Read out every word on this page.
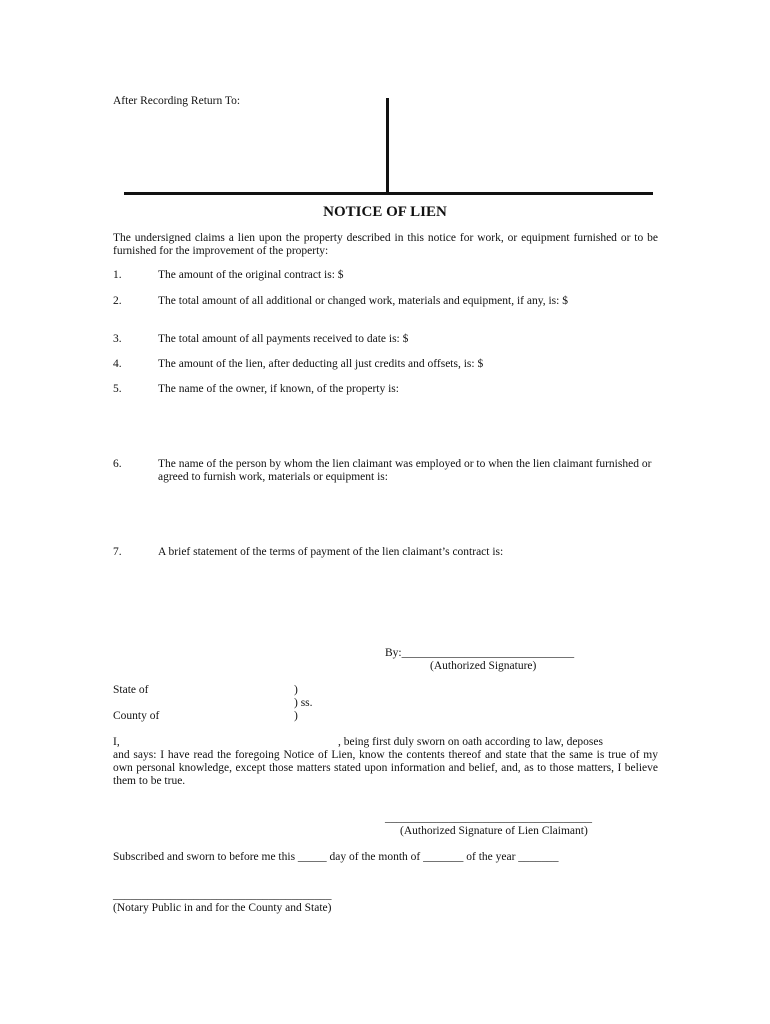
After Recording Return To:
NOTICE OF LIEN
The undersigned claims a lien upon the property described in this notice for work, or equipment furnished or to be furnished for the improvement of the property:
1.	The amount of the original contract is: $
2.	The total amount of all additional or changed work, materials and equipment, if any, is: $
3.	The total amount of all payments received to date is: $
4.	The amount of the lien, after deducting all just credits and offsets, is: $
5.	The name of the owner, if known, of the property is:
6.	The name of the person by whom the lien claimant was employed or to when the lien claimant furnished or agreed to furnish work, materials or equipment is:
7.	A brief statement of the terms of payment of the lien claimant’s contract is:
By:______________________________
(Authorized Signature)
State of	)
) ss.
County of	)
I,	, being first duly sworn on oath according to law, deposes
and says: I have read the foregoing Notice of Lien, know the contents thereof and state that the same is true of my own personal knowledge, except those matters stated upon information and belief, and, as to those matters, I believe them to be true.
____________________________________
(Authorized Signature of Lien Claimant)
Subscribed and sworn to before me this _____ day of the month of _______ of the year _______
______________________________________
(Notary Public in and for the County and State)
